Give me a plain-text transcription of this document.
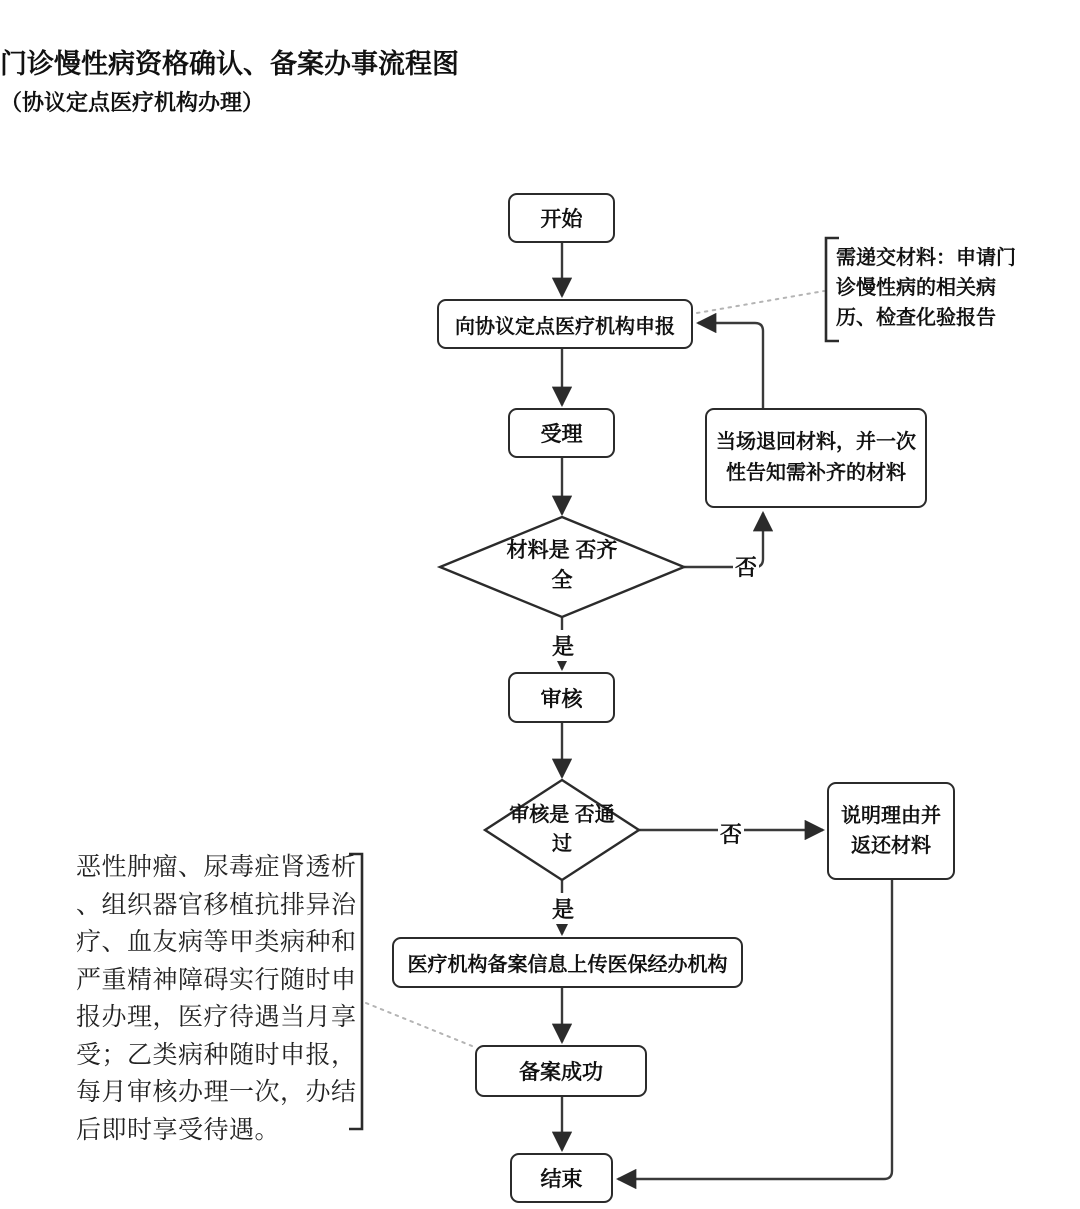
门诊慢性病资格确认、备案办事流程图
（协议定点医疗机构办理）
开始
向协议定点医疗机构申报
受理
材料是 否齐全
当场退回材料，并一次
性告知需补齐的材料
审核
审核是 否通过
说明理由并
返还材料
医疗机构备案信息上传医保经办机构
备案成功
结束
否
是
否
是
需递交材料：申请门
诊慢性病的相关病
历、检查化验报告
恶性肿瘤、尿毒症肾透析
、组织器官移植抗排异治
疗、血友病等甲类病种和
严重精神障碍实行随时申
报办理，医疗待遇当月享
受；乙类病种随时申报，
每月审核办理一次，办结
后即时享受待遇。
